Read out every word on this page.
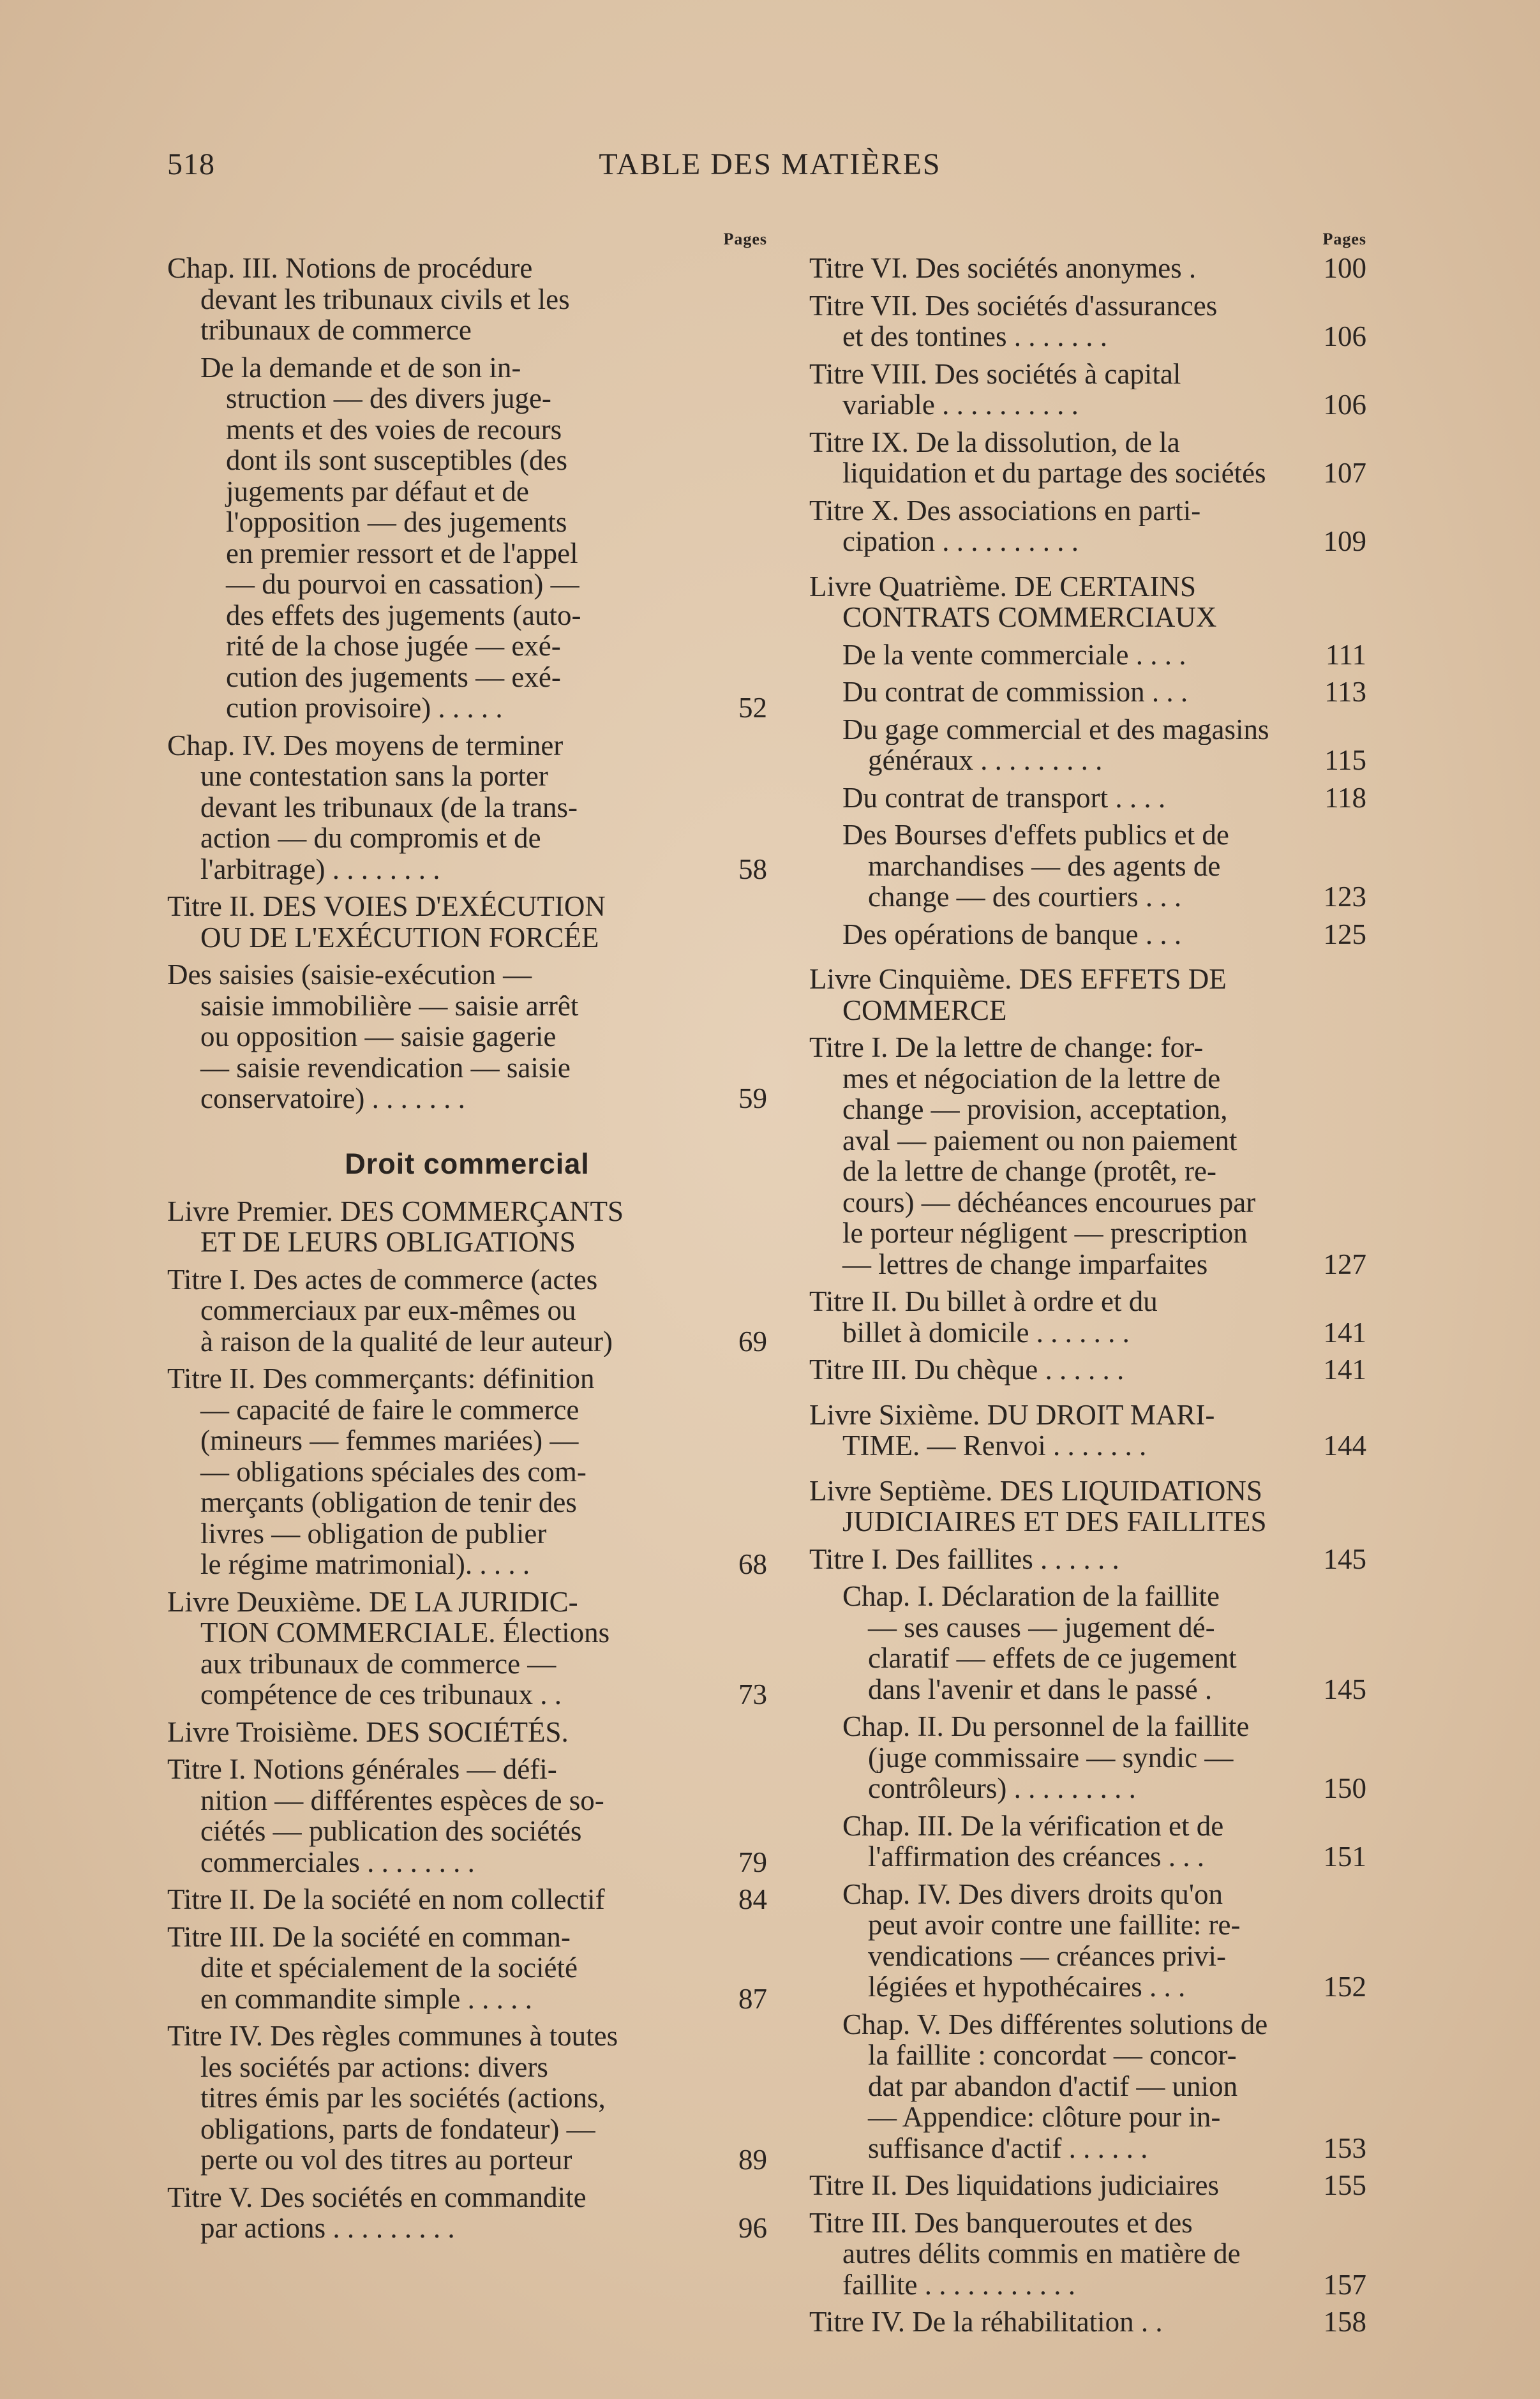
518	TABLE DES MATIÈRES
Pages
Chap. III. Notions de procédure
devant les tribunaux civils et les
tribunaux de commerce
De la demande et de son in-
struction — des divers juge-
ments et des voies de recours
dont ils sont susceptibles (des
jugements par défaut et de
l'opposition — des jugements
en premier ressort et de l'appel
— du pourvoi en cassation) —
des effets des jugements (auto-
rité de la chose jugée — exé-
cution des jugements — exé-
cution provisoire) . . . . .	52
Chap. IV. Des moyens de terminer
une contestation sans la porter
devant les tribunaux (de la trans-
action — du compromis et de
l'arbitrage) . . . . . . . .	58
Titre II. DES VOIES D'EXÉCUTION
OU DE L'EXÉCUTION FORCÉE
Des saisies (saisie-exécution —
saisie immobilière — saisie arrêt
ou opposition — saisie gagerie
— saisie revendication — saisie
conservatoire) . . . . . . .	59
Droit commercial
Livre Premier. DES COMMERÇANTS
ET DE LEURS OBLIGATIONS
Titre I. Des actes de commerce (actes
commerciaux par eux-mêmes ou
à raison de la qualité de leur auteur)	69
Titre II. Des commerçants: définition
— capacité de faire le commerce
(mineurs — femmes mariées) —
— obligations spéciales des com-
merçants (obligation de tenir des
livres — obligation de publier
le régime matrimonial). . . . .	68
Livre Deuxième. DE LA JURIDIC-
TION COMMERCIALE. Élections
aux tribunaux de commerce —
compétence de ces tribunaux . .	73
Livre Troisième. DES SOCIÉTÉS.
Titre I. Notions générales — défi-
nition — différentes espèces de so-
ciétés — publication des sociétés
commerciales . . . . . . . .	79
Titre II. De la société en nom collectif	84
Titre III. De la société en comman-
dite et spécialement de la société
en commandite simple . . . . .	87
Titre IV. Des règles communes à toutes
les sociétés par actions: divers
titres émis par les sociétés (actions,
obligations, parts de fondateur) —
perte ou vol des titres au porteur	89
Titre V. Des sociétés en commandite
par actions . . . . . . . . .	96
Pages
Titre VI. Des sociétés anonymes .	100
Titre VII. Des sociétés d'assurances
et des tontines . . . . . . .	106
Titre VIII. Des sociétés à capital
variable . . . . . . . . . .	106
Titre IX. De la dissolution, de la
liquidation et du partage des sociétés	107
Titre X. Des associations en parti-
cipation . . . . . . . . . .	109
Livre Quatrième. DE CERTAINS
CONTRATS COMMERCIAUX
De la vente commerciale . . . .	111
Du contrat de commission . . .	113
Du gage commercial et des magasins
généraux . . . . . . . . .	115
Du contrat de transport . . . .	118
Des Bourses d'effets publics et de
marchandises — des agents de
change — des courtiers . . .	123
Des opérations de banque . . .	125
Livre Cinquième. DES EFFETS DE
COMMERCE
Titre I. De la lettre de change: for-
mes et négociation de la lettre de
change — provision, acceptation,
aval — paiement ou non paiement
de la lettre de change (protêt, re-
cours) — déchéances encourues par
le porteur négligent — prescription
— lettres de change imparfaites	127
Titre II. Du billet à ordre et du
billet à domicile . . . . . . .	141
Titre III. Du chèque . . . . . .	141
Livre Sixième. DU DROIT MARI-
TIME. — Renvoi . . . . . . .	144
Livre Septième. DES LIQUIDATIONS
JUDICIAIRES ET DES FAILLITES
Titre I. Des faillites . . . . . .	145
Chap. I. Déclaration de la faillite
— ses causes — jugement dé-
claratif — effets de ce jugement
dans l'avenir et dans le passé .	145
Chap. II. Du personnel de la faillite
(juge commissaire — syndic —
contrôleurs) . . . . . . . . .	150
Chap. III. De la vérification et de
l'affirmation des créances . . .	151
Chap. IV. Des divers droits qu'on
peut avoir contre une faillite: re-
vendications — créances privi-
légiées et hypothécaires . . .	152
Chap. V. Des différentes solutions de
la faillite : concordat — concor-
dat par abandon d'actif — union
— Appendice: clôture pour in-
suffisance d'actif . . . . . .	153
Titre II. Des liquidations judiciaires	155
Titre III. Des banqueroutes et des
autres délits commis en matière de
faillite . . . . . . . . . . .	157
Titre IV. De la réhabilitation . .	158
